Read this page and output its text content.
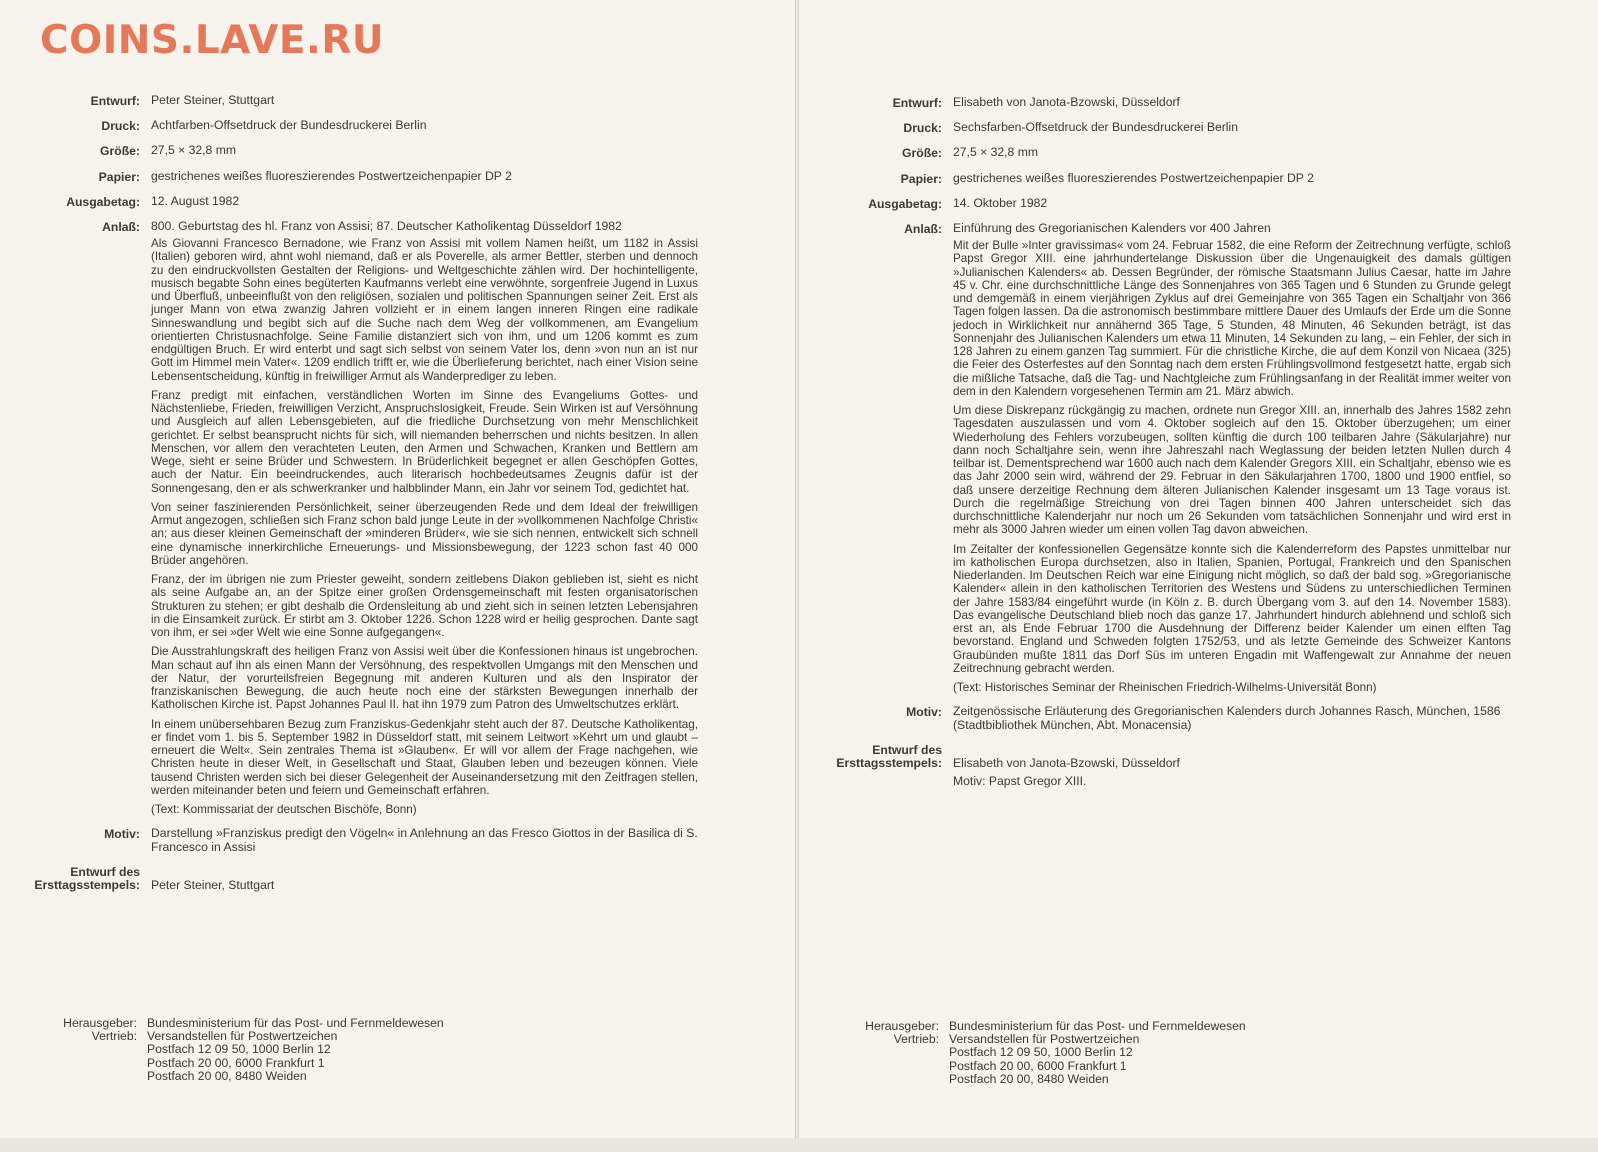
COINS.LAVE.RU
Entwurf: Peter Steiner, Stuttgart
Druck: Achtfarben-Offsetdruck der Bundesdruckerei Berlin
Größe: 27,5 × 32,8 mm
Papier: gestrichenes weißes fluoreszierendes Postwertzeichenpapier DP 2
Ausgabetag: 12. August 1982
Anlaß: 800. Geburtstag des hl. Franz von Assisi; 87. Deutscher Katholikentag Düsseldorf 1982

Als Giovanni Francesco Bernadone, wie Franz von Assisi mit vollem Namen heißt, um 1182 in Assisi (Italien) geboren wird, ahnt wohl niemand, daß er als Poverelle, als armer Bettler, sterben und dennoch zu den eindruckvollsten Gestalten der Religions- und Weltgeschichte zählen wird. Der hochintelligente, musisch begabte Sohn eines begüterten Kaufmanns verlebt eine verwöhnte, sorgenfreie Jugend in Luxus und Überfluß, unbeeinflußt von den religiösen, sozialen und politischen Spannungen seiner Zeit. Erst als junger Mann von etwa zwanzig Jahren vollzieht er in einem langen inneren Ringen eine radikale Sinneswandlung und begibt sich auf die Suche nach dem Weg der vollkommenen, am Evangelium orientierten Christusnachfolge. Seine Familie distanziert sich von ihm, und um 1206 kommt es zum endgültigen Bruch. Er wird enterbt und sagt sich selbst von seinem Vater los, denn »von nun an ist nur Gott im Himmel mein Vater«. 1209 endlich trifft er, wie die Überlieferung berichtet, nach einer Vision seine Lebensentscheidung, künftig in freiwilliger Armut als Wanderprediger zu leben.

Franz predigt mit einfachen, verständlichen Worten im Sinne des Evangeliums Gottes- und Nächstenliebe, Frieden, freiwilligen Verzicht, Anspruchslosigkeit, Freude. Sein Wirken ist auf Versöhnung und Ausgleich auf allen Lebensgebieten, auf die friedliche Durchsetzung von mehr Menschlichkeit gerichtet. Er selbst beansprucht nichts für sich, will niemanden beherrschen und nichts besitzen. In allen Menschen, vor allem den verachteten Leuten, den Armen und Schwachen, Kranken und Bettlern am Wege, sieht er seine Brüder und Schwestern. In Brüderlichkeit begegnet er allen Geschöpfen Gottes, auch der Natur. Ein beeindruckendes, auch literarisch hochbedeutsames Zeugnis dafür ist der Sonnengesang, den er als schwerkranker und halbblinder Mann, ein Jahr vor seinem Tod, gedichtet hat.

Von seiner faszinierenden Persönlichkeit, seiner überzeugenden Rede und dem Ideal der freiwilligen Armut angezogen, schließen sich Franz schon bald junge Leute in der »vollkommenen Nachfolge Christi« an; aus dieser kleinen Gemeinschaft der »minderen Brüder«, wie sie sich nennen, entwickelt sich schnell eine dynamische innerkirchliche Erneuerungs- und Missionsbewegung, der 1223 schon fast 40 000 Brüder angehören.

Franz, der im übrigen nie zum Priester geweiht, sondern zeitlebens Diakon geblieben ist, sieht es nicht als seine Aufgabe an, an der Spitze einer großen Ordensgemeinschaft mit festen organisatorischen Strukturen zu stehen; er gibt deshalb die Ordensleitung ab und zieht sich in seinen letzten Lebensjahren in die Einsamkeit zurück. Er stirbt am 3. Oktober 1226. Schon 1228 wird er heilig gesprochen. Dante sagt von ihm, er sei »der Welt wie eine Sonne aufgegangen«.

Die Ausstrahlungskraft des heiligen Franz von Assisi weit über die Konfessionen hinaus ist ungebrochen. Man schaut auf ihn als einen Mann der Versöhnung, des respektvollen Umgangs mit den Menschen und der Natur, der vorurteilsfreien Begegnung mit anderen Kulturen und als den Inspirator der franziskanischen Bewegung, die auch heute noch eine der stärksten Bewegungen innerhalb der Katholischen Kirche ist. Papst Johannes Paul II. hat ihn 1979 zum Patron des Umweltschutzes erklärt.

In einem unübersehbaren Bezug zum Franziskus-Gedenkjahr steht auch der 87. Deutsche Katholikentag, er findet vom 1. bis 5. September 1982 in Düsseldorf statt, mit seinem Leitwort »Kehrt um und glaubt – erneuert die Welt«. Sein zentrales Thema ist »Glauben«. Er will vor allem der Frage nachgehen, wie Christen heute in dieser Welt, in Gesellschaft und Staat, Glauben leben und bezeugen können. Viele tausend Christen werden sich bei dieser Gelegenheit der Auseinandersetzung mit den Zeitfragen stellen, werden miteinander beten und feiern und Gemeinschaft erfahren.

(Text: Kommissariat der deutschen Bischöfe, Bonn)

Motiv: Darstellung »Franziskus predigt den Vögeln« in Anlehnung an das Fresco Giottos in der Basilica di S. Francesco in Assisi
Entwurf des
Ersttagsstempels: Peter Steiner, Stuttgart
Herausgeber:
Vertrieb:
Bundesministerium für das Post- und Fernmeldewesen
Versandstellen für Postwertzeichen
Postfach 12 09 50, 1000 Berlin 12
Postfach 20 00, 6000 Frankfurt 1
Postfach 20 00, 8480 Weiden
Entwurf: Elisabeth von Janota-Bzowski, Düsseldorf
Druck: Sechsfarben-Offsetdruck der Bundesdruckerei Berlin
Größe: 27,5 × 32,8 mm
Papier: gestrichenes weißes fluoreszierendes Postwertzeichenpapier DP 2
Ausgabetag: 14. Oktober 1982
Anlaß: Einführung des Gregorianischen Kalenders vor 400 Jahren

Mit der Bulle »Inter gravissimas« vom 24. Februar 1582, die eine Reform der Zeitrechnung verfügte, schloß Papst Gregor XIII. eine jahrhundertelange Diskussion über die Ungenauigkeit des damals gültigen »Julianischen Kalenders« ab. Dessen Begründer, der römische Staatsmann Julius Caesar, hatte im Jahre 45 v. Chr. eine durchschnittliche Länge des Sonnenjahres von 365 Tagen und 6 Stunden zu Grunde gelegt und demgemäß in einem vierjährigen Zyklus auf drei Gemeinjahre von 365 Tagen ein Schaltjahr von 366 Tagen folgen lassen. Da die astronomisch bestimmbare mittlere Dauer des Umlaufs der Erde um die Sonne jedoch in Wirklichkeit nur annähernd 365 Tage, 5 Stunden, 48 Minuten, 46 Sekunden beträgt, ist das Sonnenjahr des Julianischen Kalenders um etwa 11 Minuten, 14 Sekunden zu lang, – ein Fehler, der sich in 128 Jahren zu einem ganzen Tag summiert. Für die christliche Kirche, die auf dem Konzil von Nicaea (325) die Feier des Osterfestes auf den Sonntag nach dem ersten Frühlingsvollmond festgesetzt hatte, ergab sich die mißliche Tatsache, daß die Tag- und Nachtgleiche zum Frühlingsanfang in der Realität immer weiter von dem in den Kalendern vorgesehenen Termin am 21. März abwich.

Um diese Diskrepanz rückgängig zu machen, ordnete nun Gregor XIII. an, innerhalb des Jahres 1582 zehn Tagesdaten auszulassen und vom 4. Oktober sogleich auf den 15. Oktober überzugehen; um einer Wiederholung des Fehlers vorzubeugen, sollten künftig die durch 100 teilbaren Jahre (Säkularjahre) nur dann noch Schaltjahre sein, wenn ihre Jahreszahl nach Weglassung der beiden letzten Nullen durch 4 teilbar ist. Dementsprechend war 1600 auch nach dem Kalender Gregors XIII. ein Schaltjahr, ebenso wie es das Jahr 2000 sein wird, während der 29. Februar in den Säkularjahren 1700, 1800 und 1900 entfiel, so daß unsere derzeitige Rechnung dem älteren Julianischen Kalender insgesamt um 13 Tage voraus ist. Durch die regelmäßige Streichung von drei Tagen binnen 400 Jahren unterscheidet sich das durchschnittliche Kalenderjahr nur noch um 26 Sekunden vom tatsächlichen Sonnenjahr und wird erst in mehr als 3000 Jahren wieder um einen vollen Tag davon abweichen.

Im Zeitalter der konfessionellen Gegensätze konnte sich die Kalenderreform des Papstes unmittelbar nur im katholischen Europa durchsetzen, also in Italien, Spanien, Portugal, Frankreich und den Spanischen Niederlanden. Im Deutschen Reich war eine Einigung nicht möglich, so daß der bald sog. »Gregorianische Kalender« allein in den katholischen Territorien des Westens und Südens zu unterschiedlichen Terminen der Jahre 1583/84 eingeführt wurde (in Köln z. B. durch Übergang vom 3. auf den 14. November 1583). Das evangelische Deutschland blieb noch das ganze 17. Jahrhundert hindurch ablehnend und schloß sich erst an, als Ende Februar 1700 die Ausdehnung der Differenz beider Kalender um einen elften Tag bevorstand. England und Schweden folgten 1752/53, und als letzte Gemeinde des Schweizer Kantons Graubünden mußte 1811 das Dorf Süs im unteren Engadin mit Waffengewalt zur Annahme der neuen Zeitrechnung gebracht werden.

(Text: Historisches Seminar der Rheinischen Friedrich-Wilhelms-Universität Bonn)

Motiv: Zeitgenössische Erläuterung des Gregorianischen Kalenders durch Johannes Rasch, München, 1586 (Stadtbibliothek München, Abt. Monacensia)
Entwurf des
Ersttagsstempels: Elisabeth von Janota-Bzowski, Düsseldorf
Motiv: Papst Gregor XIII.
Herausgeber:
Vertrieb:
Bundesministerium für das Post- und Fernmeldewesen
Versandstellen für Postwertzeichen
Postfach 12 09 50, 1000 Berlin 12
Postfach 20 00, 6000 Frankfurt 1
Postfach 20 00, 8480 Weiden
